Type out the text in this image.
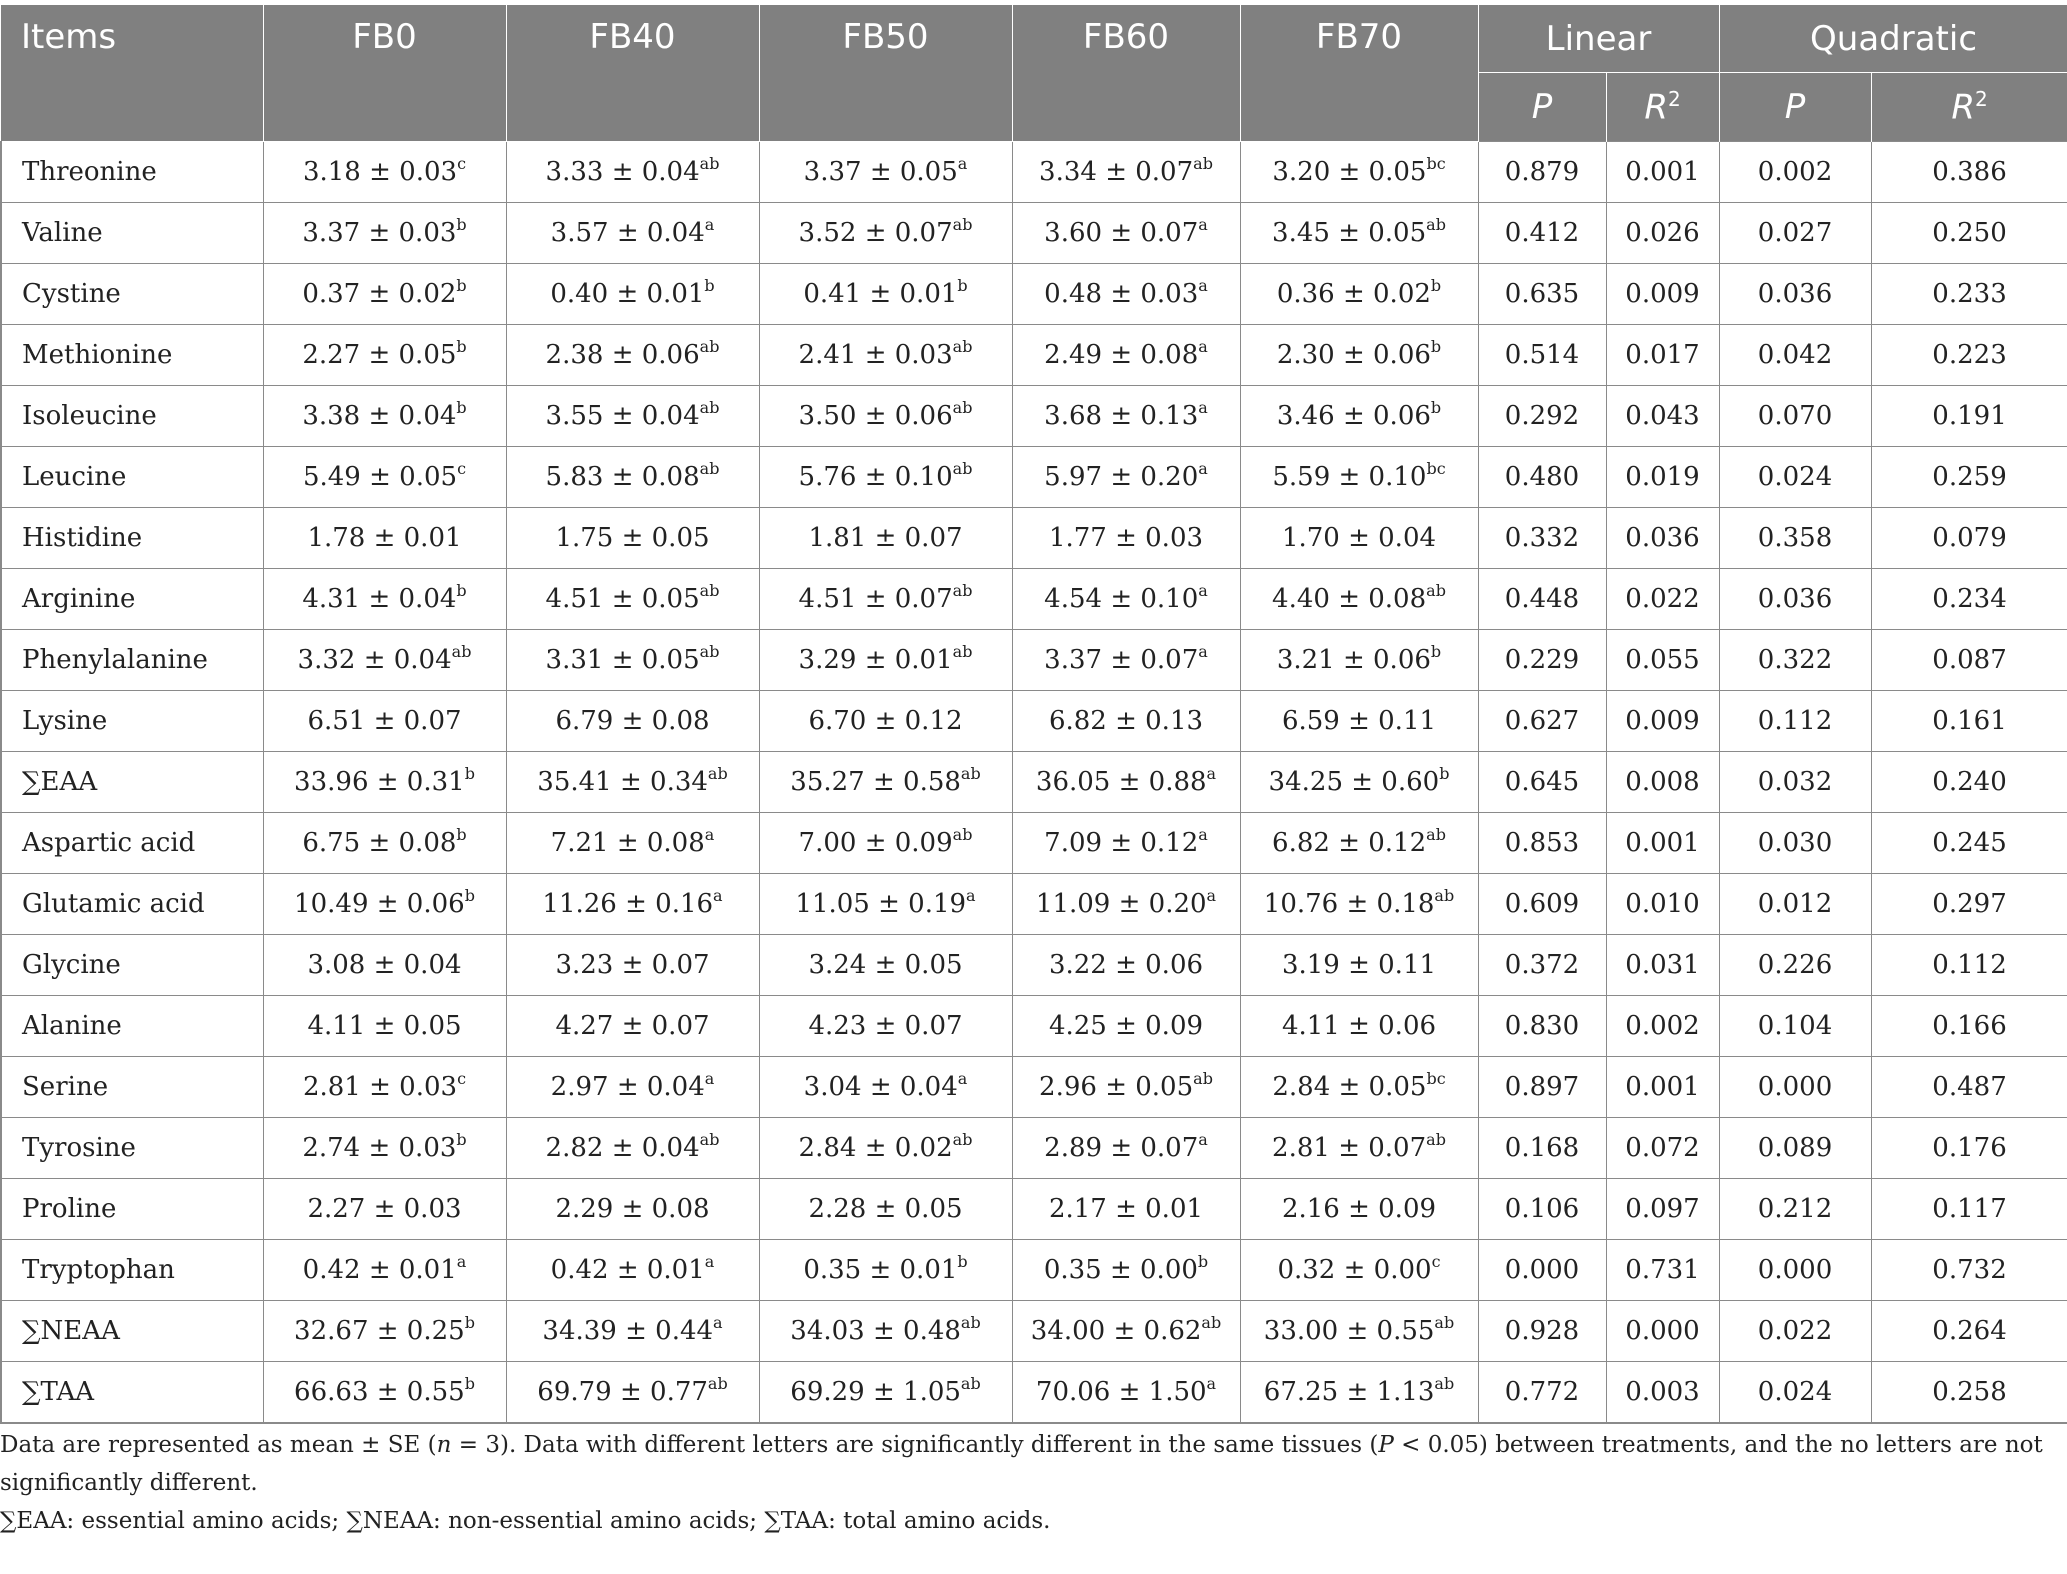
Items	FB0	FB40	FB50	FB60	FB70	Linear		Quadratic	
						P	$R^2$	P	$R^2$
Threonine	3.18 ± 0.03$^c$	3.33 ± 0.04$^{ab}$	3.37 ± 0.05$^a$	3.34 ± 0.07$^{ab}$	3.20 ± 0.05$^{bc}$	0.879	0.001	0.002	0.386
Valine	3.37 ± 0.03$^b$	3.57 ± 0.04$^a$	3.52 ± 0.07$^{ab}$	3.60 ± 0.07$^a$	3.45 ± 0.05$^{ab}$	0.412	0.026	0.027	0.250
Cystine	0.37 ± 0.02$^b$	0.40 ± 0.01$^b$	0.41 ± 0.01$^b$	0.48 ± 0.03$^a$	0.36 ± 0.02$^b$	0.635	0.009	0.036	0.233
Methionine	2.27 ± 0.05$^b$	2.38 ± 0.06$^{ab}$	2.41 ± 0.03$^{ab}$	2.49 ± 0.08$^a$	2.30 ± 0.06$^b$	0.514	0.017	0.042	0.223
Isoleucine	3.38 ± 0.04$^b$	3.55 ± 0.04$^{ab}$	3.50 ± 0.06$^{ab}$	3.68 ± 0.13$^a$	3.46 ± 0.06$^b$	0.292	0.043	0.070	0.191
Leucine	5.49 ± 0.05$^c$	5.83 ± 0.08$^{ab}$	5.76 ± 0.10$^{ab}$	5.97 ± 0.20$^a$	5.59 ± 0.10$^{bc}$	0.480	0.019	0.024	0.259
Histidine	1.78 ± 0.01	1.75 ± 0.05	1.81 ± 0.07	1.77 ± 0.03	1.70 ± 0.04	0.332	0.036	0.358	0.079
Arginine	4.31 ± 0.04$^b$	4.51 ± 0.05$^{ab}$	4.51 ± 0.07$^{ab}$	4.54 ± 0.10$^a$	4.40 ± 0.08$^{ab}$	0.448	0.022	0.036	0.234
Phenylalanine	3.32 ± 0.04$^{ab}$	3.31 ± 0.05$^{ab}$	3.29 ± 0.01$^{ab}$	3.37 ± 0.07$^a$	3.21 ± 0.06$^b$	0.229	0.055	0.322	0.087
Lysine	6.51 ± 0.07	6.79 ± 0.08	6.70 ± 0.12	6.82 ± 0.13	6.59 ± 0.11	0.627	0.009	0.112	0.161
∑EAA	33.96 ± 0.31$^b$	35.41 ± 0.34$^{ab}$	35.27 ± 0.58$^{ab}$	36.05 ± 0.88$^a$	34.25 ± 0.60$^b$	0.645	0.008	0.032	0.240
Aspartic acid	6.75 ± 0.08$^b$	7.21 ± 0.08$^a$	7.00 ± 0.09$^{ab}$	7.09 ± 0.12$^a$	6.82 ± 0.12$^{ab}$	0.853	0.001	0.030	0.245
Glutamic acid	10.49 ± 0.06$^b$	11.26 ± 0.16$^a$	11.05 ± 0.19$^a$	11.09 ± 0.20$^a$	10.76 ± 0.18$^{ab}$	0.609	0.010	0.012	0.297
Glycine	3.08 ± 0.04	3.23 ± 0.07	3.24 ± 0.05	3.22 ± 0.06	3.19 ± 0.11	0.372	0.031	0.226	0.112
Alanine	4.11 ± 0.05	4.27 ± 0.07	4.23 ± 0.07	4.25 ± 0.09	4.11 ± 0.06	0.830	0.002	0.104	0.166
Serine	2.81 ± 0.03$^c$	2.97 ± 0.04$^a$	3.04 ± 0.04$^a$	2.96 ± 0.05$^{ab}$	2.84 ± 0.05$^{bc}$	0.897	0.001	0.000	0.487
Tyrosine	2.74 ± 0.03$^b$	2.82 ± 0.04$^{ab}$	2.84 ± 0.02$^{ab}$	2.89 ± 0.07$^a$	2.81 ± 0.07$^{ab}$	0.168	0.072	0.089	0.176
Proline	2.27 ± 0.03	2.29 ± 0.08	2.28 ± 0.05	2.17 ± 0.01	2.16 ± 0.09	0.106	0.097	0.212	0.117
Tryptophan	0.42 ± 0.01$^a$	0.42 ± 0.01$^a$	0.35 ± 0.01$^b$	0.35 ± 0.00$^b$	0.32 ± 0.00$^c$	0.000	0.731	0.000	0.732
∑NEAA	32.67 ± 0.25$^b$	34.39 ± 0.44$^a$	34.03 ± 0.48$^{ab}$	34.00 ± 0.62$^{ab}$	33.00 ± 0.55$^{ab}$	0.928	0.000	0.022	0.264
∑TAA	66.63 ± 0.55$^b$	69.79 ± 0.77$^{ab}$	69.29 ± 1.05$^{ab}$	70.06 ± 1.50$^a$	67.25 ± 1.13$^{ab}$	0.772	0.003	0.024	0.258

Data are represented as mean ± SE (n = 3). Data with different letters are significantly different in the same tissues (P < 0.05) between treatments, and the no letters are not significantly different.

∑EAA: essential amino acids; ∑NEAA: non-essential amino acids; ∑TAA: total amino acids.
